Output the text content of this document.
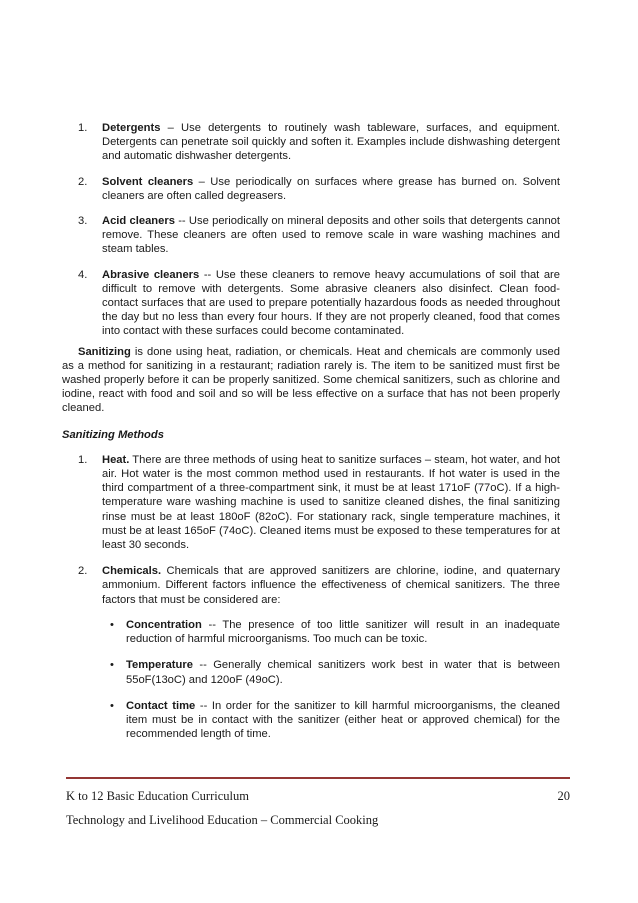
1. Detergents – Use detergents to routinely wash tableware, surfaces, and equipment. Detergents can penetrate soil quickly and soften it. Examples include dishwashing detergent and automatic dishwasher detergents.
2. Solvent cleaners – Use periodically on surfaces where grease has burned on. Solvent cleaners are often called degreasers.
3. Acid cleaners -- Use periodically on mineral deposits and other soils that detergents cannot remove. These cleaners are often used to remove scale in ware washing machines and steam tables.
4. Abrasive cleaners -- Use these cleaners to remove heavy accumulations of soil that are difficult to remove with detergents. Some abrasive cleaners also disinfect. Clean food-contact surfaces that are used to prepare potentially hazardous foods as needed throughout the day but no less than every four hours. If they are not properly cleaned, food that comes into contact with these surfaces could become contaminated.

Sanitizing is done using heat, radiation, or chemicals. Heat and chemicals are commonly used as a method for sanitizing in a restaurant; radiation rarely is. The item to be sanitized must first be washed properly before it can be properly sanitized. Some chemical sanitizers, such as chlorine and iodine, react with food and soil and so will be less effective on a surface that has not been properly cleaned.

Sanitizing Methods
1. Heat. There are three methods of using heat to sanitize surfaces – steam, hot water, and hot air. Hot water is the most common method used in restaurants. If hot water is used in the third compartment of a three-compartment sink, it must be at least 171oF (77oC). If a high-temperature ware washing machine is used to sanitize cleaned dishes, the final sanitizing rinse must be at least 180oF (82oC). For stationary rack, single temperature machines, it must be at least 165oF (74oC). Cleaned items must be exposed to these temperatures for at least 30 seconds.
2. Chemicals. Chemicals that are approved sanitizers are chlorine, iodine, and quaternary ammonium. Different factors influence the effectiveness of chemical sanitizers. The three factors that must be considered are:
• Concentration -- The presence of too little sanitizer will result in an inadequate reduction of harmful microorganisms. Too much can be toxic.
• Temperature -- Generally chemical sanitizers work best in water that is between 55oF(13oC) and 120oF (49oC).
• Contact time -- In order for the sanitizer to kill harmful microorganisms, the cleaned item must be in contact with the sanitizer (either heat or approved chemical) for the recommended length of time.
K to 12 Basic Education Curriculum	20
Technology and Livelihood Education – Commercial Cooking
